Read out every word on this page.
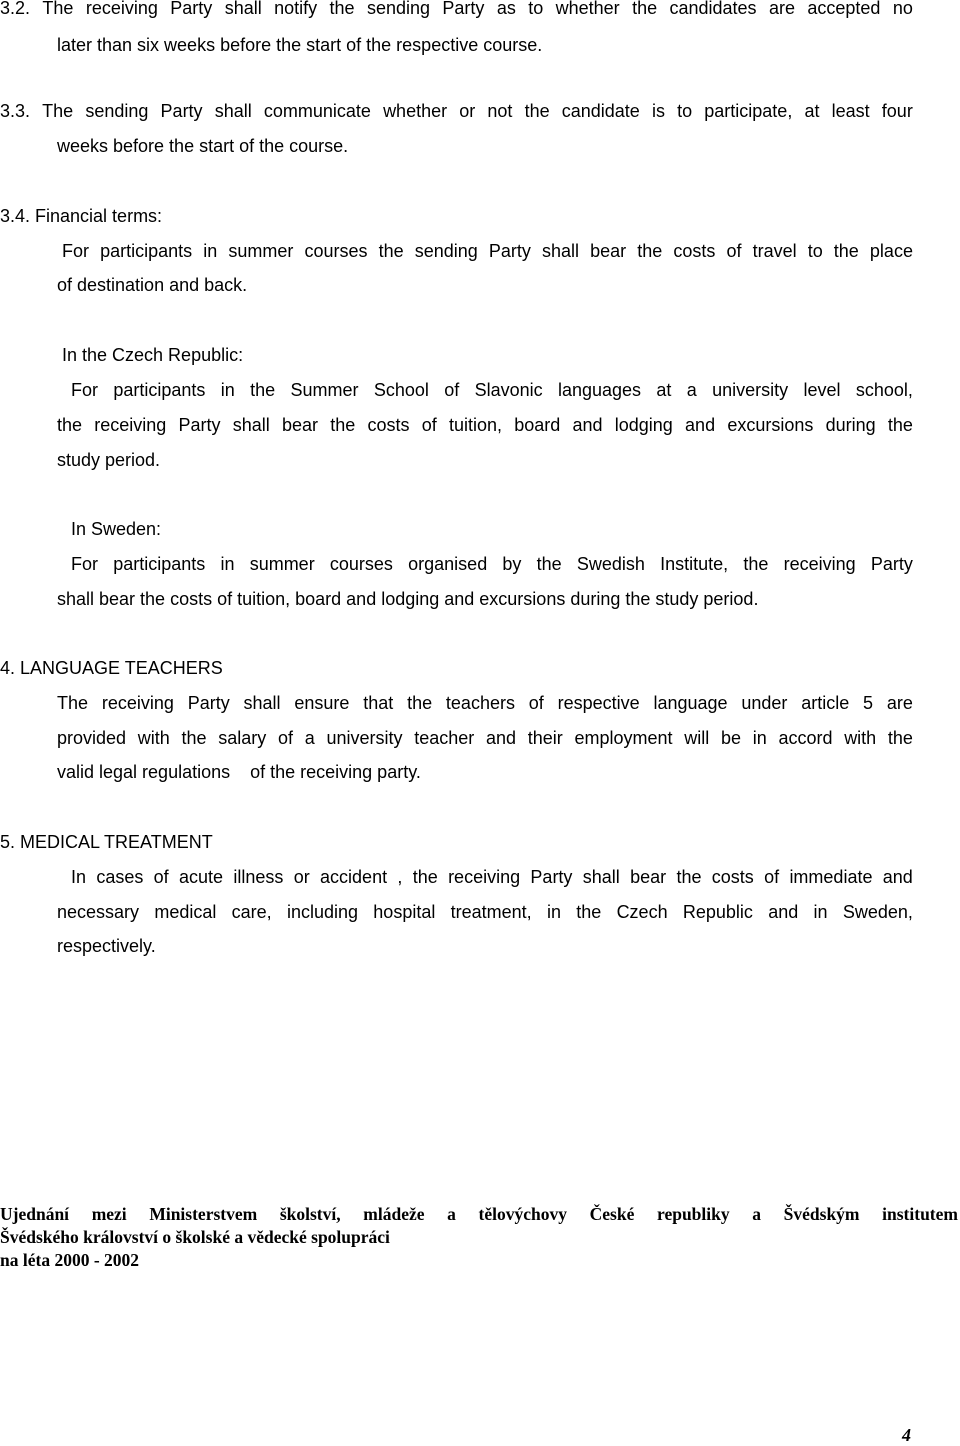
3.2. The receiving Party shall notify the sending Party as to whether the candidates are accepted no
later than six weeks before the start of the respective course.
3.3. The sending Party shall communicate whether or not the candidate is to participate, at least four
weeks before the start of the course.
3.4. Financial terms:
For participants in summer courses the sending Party shall bear the costs of travel to the place
of destination and back.
In the Czech Republic:
For participants in the Summer School of Slavonic languages at a university level school,
the receiving Party shall bear the costs of tuition, board and lodging and excursions during the
study period.
In Sweden:
For participants in summer courses organised by the Swedish Institute, the receiving Party
shall bear the costs of tuition, board and lodging and excursions during the study period.
4. LANGUAGE TEACHERS
The receiving Party shall ensure that the teachers of respective language under article 5 are
provided with the salary of a university teacher and their employment will be in accord with the
valid legal regulations    of the receiving party.
5. MEDICAL TREATMENT
In cases of acute illness or accident , the receiving Party shall bear the costs of immediate and
necessary medical care, including hospital treatment, in the Czech Republic and in Sweden,
respectively.
Ujednání mezi Ministerstvem školství, mládeže a tělovýchovy České republiky a Švédským institutem
Švédského království o školské a vědecké spolupráci
na léta 2000 - 2002
4
